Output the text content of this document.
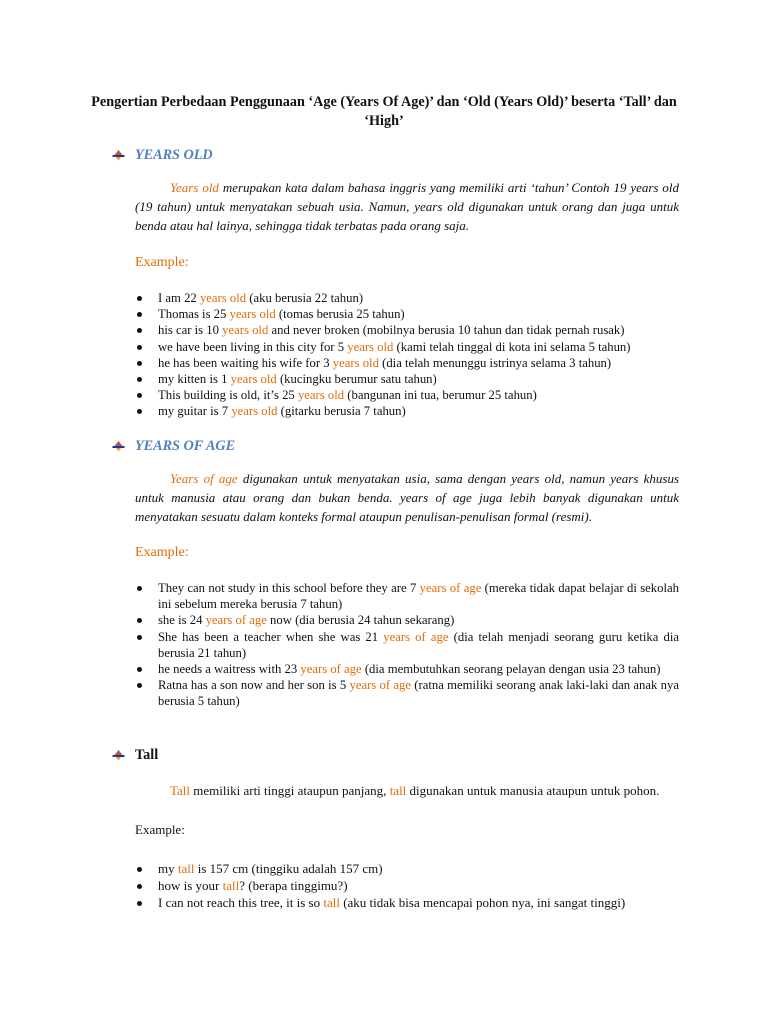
Pengertian Perbedaan Penggunaan ‘Age (Years Of Age)’ dan ‘Old (Years Old)’ beserta ‘Tall’ dan ‘High’
YEARS OLD

Years old merupakan kata dalam bahasa inggris yang memiliki arti ‘tahun’ Contoh 19 years old (19 tahun) untuk menyatakan sebuah usia. Namun, years old digunakan untuk orang dan juga untuk benda atau hal lainya, sehingga tidak terbatas pada orang saja.

Example:
I am 22 years old (aku berusia 22 tahun)
Thomas is 25 years old (tomas berusia 25 tahun)
his car is 10 years old and never broken (mobilnya berusia 10 tahun dan tidak pernah rusak)
we have been living in this city for 5 years old (kami telah tinggal di kota ini selama 5 tahun)
he has been waiting his wife for 3 years old (dia telah menunggu istrinya selama 3 tahun)
my kitten is 1 years old (kucingku berumur satu tahun)
This building is old, it’s 25 years old (bangunan ini tua, berumur 25 tahun)
my guitar is 7 years old (gitarku berusia 7 tahun)
YEARS OF AGE

Years of age digunakan untuk menyatakan usia, sama dengan years old, namun years khusus untuk manusia atau orang dan bukan benda. years of age juga lebih banyak digunakan untuk menyatakan sesuatu dalam konteks formal ataupun penulisan-penulisan formal (resmi).

Example:
They can not study in this school before they are 7 years of age (mereka tidak dapat belajar di sekolah ini sebelum mereka berusia 7 tahun)
she is 24 years of age now (dia berusia 24 tahun sekarang)
She has been a teacher when she was 21 years of age (dia telah menjadi seorang guru ketika dia berusia 21 tahun)
he needs a waitress with 23 years of age (dia membutuhkan seorang pelayan dengan usia 23 tahun)
Ratna has a son now and her son is 5 years of age (ratna memiliki seorang anak laki-laki dan anak nya berusia 5 tahun)
Tall

Tall memiliki arti tinggi ataupun panjang, tall digunakan untuk manusia ataupun untuk pohon.

Example:
my tall is 157 cm (tinggiku adalah 157 cm)
how is your tall? (berapa tinggimu?)
I can not reach this tree, it is so tall (aku tidak bisa mencapai pohon nya, ini sangat tinggi)
